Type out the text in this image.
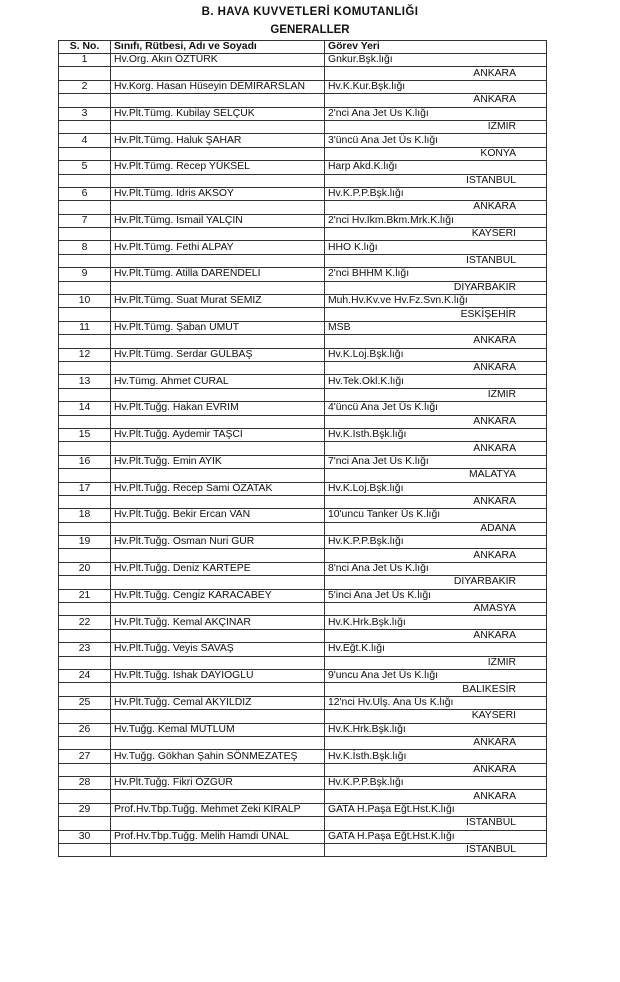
B. HAVA KUVVETLERİ KOMUTANLIĞI
GENERALLER
S. No.	Sınıfı, Rütbesi, Adı ve Soyadı	Görev Yeri
1	Hv.Org. Akın ÖZTÜRK	Gnkur.Bşk.lığı
		ANKARA
2	Hv.Korg. Hasan Hüseyin DEMİRARSLAN	Hv.K.Kur.Bşk.lığı
		ANKARA
3	Hv.Plt.Tümg. Kubilay SELÇUK	2'nci Ana Jet Üs K.lığı
		İZMİR
4	Hv.Plt.Tümg. Haluk ŞAHAR	3'üncü Ana Jet Üs K.lığı
		KONYA
5	Hv.Plt.Tümg. Recep YÜKSEL	Harp Akd.K.lığı
		İSTANBUL
6	Hv.Plt.Tümg. İdris AKSOY	Hv.K.P.P.Bşk.lığı
		ANKARA
7	Hv.Plt.Tümg. İsmail YALÇIN	2'nci Hv.İkm.Bkm.Mrk.K.lığı
		KAYSERİ
8	Hv.Plt.Tümg. Fethi ALPAY	HHO K.lığı
		İSTANBUL
9	Hv.Plt.Tümg. Atilla DARENDELİ	2'nci BHHM K.lığı
		DİYARBAKIR
10	Hv.Plt.Tümg. Suat Murat SEMİZ	Muh.Hv.Kv.ve Hv.Fz.Svn.K.lığı
		ESKİŞEHİR
11	Hv.Plt.Tümg. Şaban UMUT	MSB
		ANKARA
12	Hv.Plt.Tümg. Serdar GÜLBAŞ	Hv.K.Loj.Bşk.lığı
		ANKARA
13	Hv.Tümg. Ahmet CURAL	Hv.Tek.Okl.K.lığı
		İZMİR
14	Hv.Plt.Tuğg. Hakan EVRİM	4'üncü Ana Jet Üs K.lığı
		ANKARA
15	Hv.Plt.Tuğg. Aydemir TAŞCI	Hv.K.İsth.Bşk.lığı
		ANKARA
16	Hv.Plt.Tuğg. Emin AYIK	7'nci Ana Jet Üs K.lığı
		MALATYA
17	Hv.Plt.Tuğg. Recep Sami ÖZATAK	Hv.K.Loj.Bşk.lığı
		ANKARA
18	Hv.Plt.Tuğg. Bekir Ercan VAN	10'uncu Tanker Üs K.lığı
		ADANA
19	Hv.Plt.Tuğg. Osman Nuri GÜR	Hv.K.P.P.Bşk.lığı
		ANKARA
20	Hv.Plt.Tuğg. Deniz KARTEPE	8'nci Ana Jet Üs K.lığı
		DİYARBAKIR
21	Hv.Plt.Tuğg. Cengiz KARACABEY	5'inci Ana Jet Üs K.lığı
		AMASYA
22	Hv.Plt.Tuğg. Kemal AKÇINAR	Hv.K.Hrk.Bşk.lığı
		ANKARA
23	Hv.Plt.Tuğg. Veyis SAVAŞ	Hv.Eğt.K.lığı
		İZMİR
24	Hv.Plt.Tuğg. İshak DAYIOĞLU	9'uncu Ana Jet Üs K.lığı
		BALIKESİR
25	Hv.Plt.Tuğg. Cemal AKYILDIZ	12'nci Hv.Ulş. Ana Üs K.lığı
		KAYSERİ
26	Hv.Tuğg. Kemal MUTLUM	Hv.K.Hrk.Bşk.lığı
		ANKARA
27	Hv.Tuğg. Gökhan Şahin SÖNMEZATEŞ	Hv.K.İsth.Bşk.lığı
		ANKARA
28	Hv.Plt.Tuğg. Fikri ÖZGÜR	Hv.K.P.P.Bşk.lığı
		ANKARA
29	Prof.Hv.Tbp.Tuğg. Mehmet Zeki KIRALP	GATA H.Paşa Eğt.Hst.K.lığı
		İSTANBUL
30	Prof.Hv.Tbp.Tuğg. Melih Hamdi ÜNAL	GATA H.Paşa Eğt.Hst.K.lığı
		İSTANBUL
